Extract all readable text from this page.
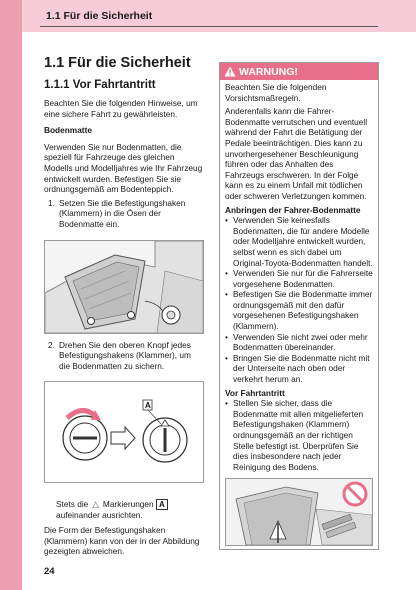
1.1 Für die Sicherheit
1.1 Für die Sicherheit
1.1.1 Vor Fahrtantritt

Beachten Sie die folgenden Hinweise, um eine sichere Fahrt zu gewährleisten.

Bodenmatte

Verwenden Sie nur Bodenmatten, die speziell für Fahrzeuge des gleichen Modells und Modelljahres wie Ihr Fahrzeug entwickelt wurden. Befestigen Sie sie ordnungsgemäß am Bodenteppich.

1. Setzen Sie die Befestigungshaken (Klammern) in die Ösen der Bodenmatte ein.
2. Drehen Sie den oberen Knopf jedes Befestigungshakens (Klammer), um die Bodenmatten zu sichern.
A
Stets die △ Markierungen A
aufeinander ausrichten.

Die Form der Befestigungshaken (Klammern) kann von der in der Abbildung gezeigten abweichen.

WARNUNG!

Beachten Sie die folgenden Vorsichtsmaßregeln.

Anderenfalls kann die Fahrer-Bodenmatte verrutschen und eventuell während der Fahrt die Betätigung der Pedale beeinträchtigen. Dies kann zu unvorhergesehener Beschleunigung führen oder das Anhalten des Fahrzeugs erschweren. In der Folge kann es zu einem Unfall mit tödlichen oder schweren Verletzungen kommen.

Anbringen der Fahrer-Bodenmatte

• Verwenden Sie keinesfalls Bodenmatten, die für andere Modelle oder Modelljahre entwickelt wurden, selbst wenn es sich dabei um Original-Toyota-Bodenmatten handelt.
• Verwenden Sie nur für die Fahrerseite vorgesehene Bodenmatten.
• Befestigen Sie die Bodenmatte immer ordnungsgemäß mit den dafür vorgesehenen Befestigungshaken (Klammern).
• Verwenden Sie nicht zwei oder mehr Bodenmatten übereinander.
• Bringen Sie die Bodenmatte nicht mit der Unterseite nach oben oder verkehrt herum an.

Vor Fahrtantritt

• Stellen Sie sicher, dass die Bodenmatte mit allen mitgelieferten Befestigungshaken (Klammern) ordnungsgemäß an der richtigen Stelle befestigt ist. Überprüfen Sie dies insbesondere nach jeder Reinigung des Bodens.
24
